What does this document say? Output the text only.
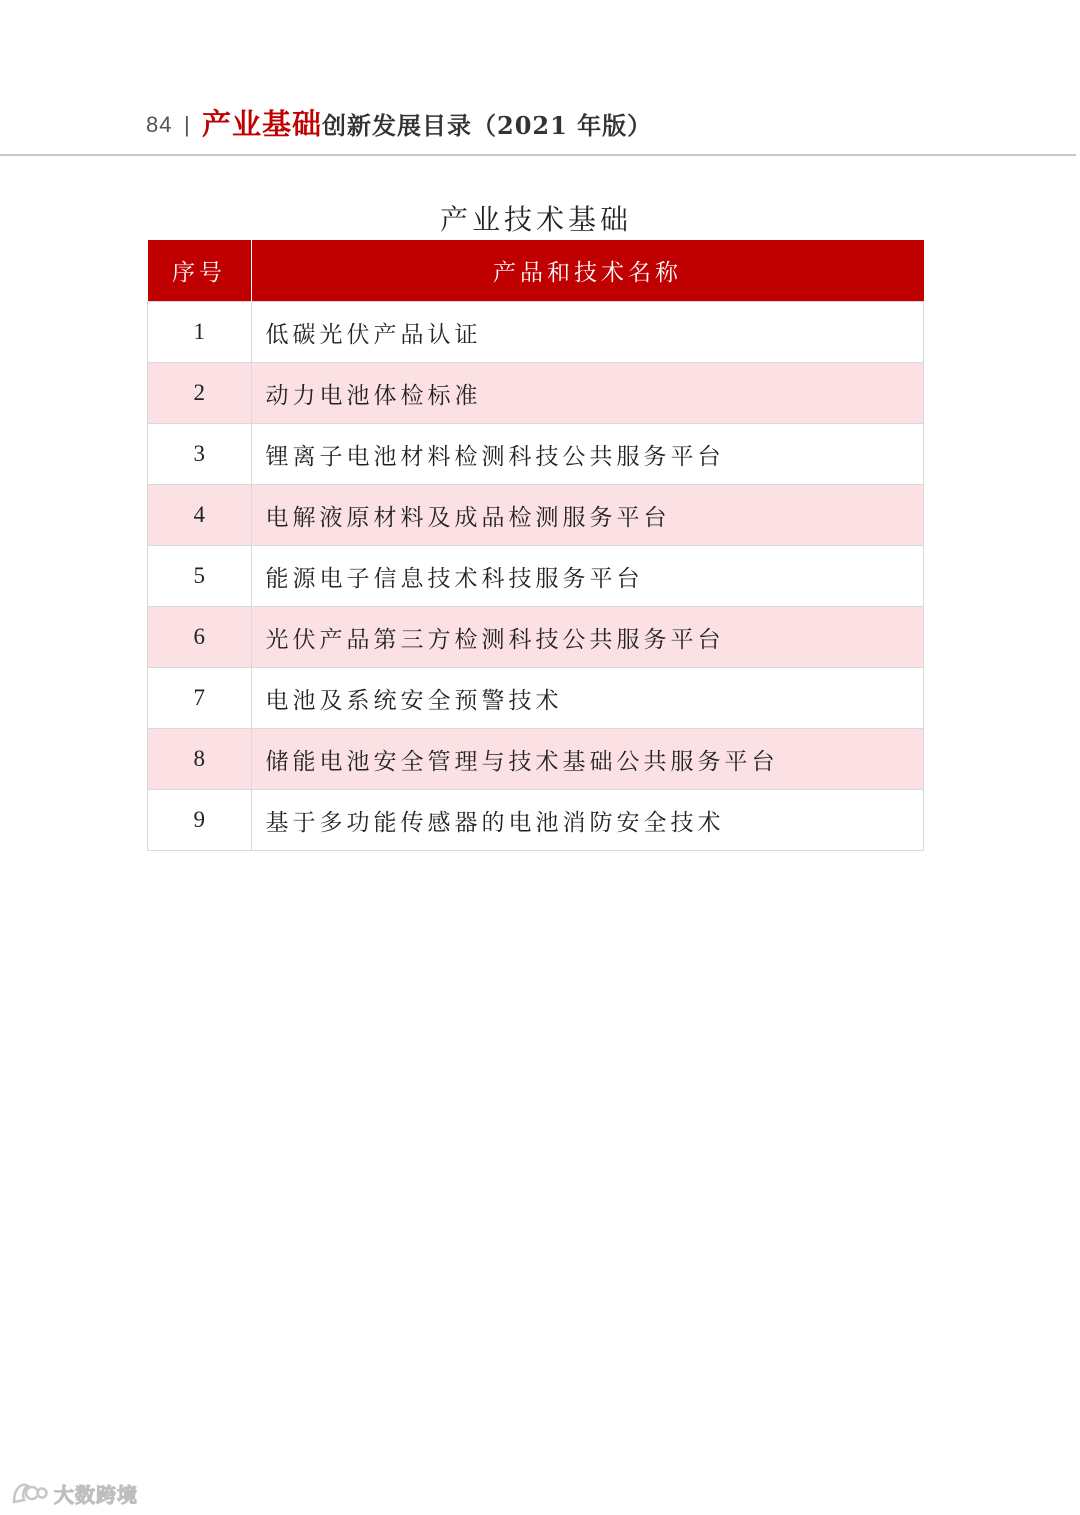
84 | 产业基础创新发展目录（2021 年版）
产业技术基础
序号	产品和技术名称
1	低碳光伏产品认证
2	动力电池体检标准
3	锂离子电池材料检测科技公共服务平台
4	电解液原材料及成品检测服务平台
5	能源电子信息技术科技服务平台
6	光伏产品第三方检测科技公共服务平台
7	电池及系统安全预警技术
8	储能电池安全管理与技术基础公共服务平台
9	基于多功能传感器的电池消防安全技术
大数跨境
